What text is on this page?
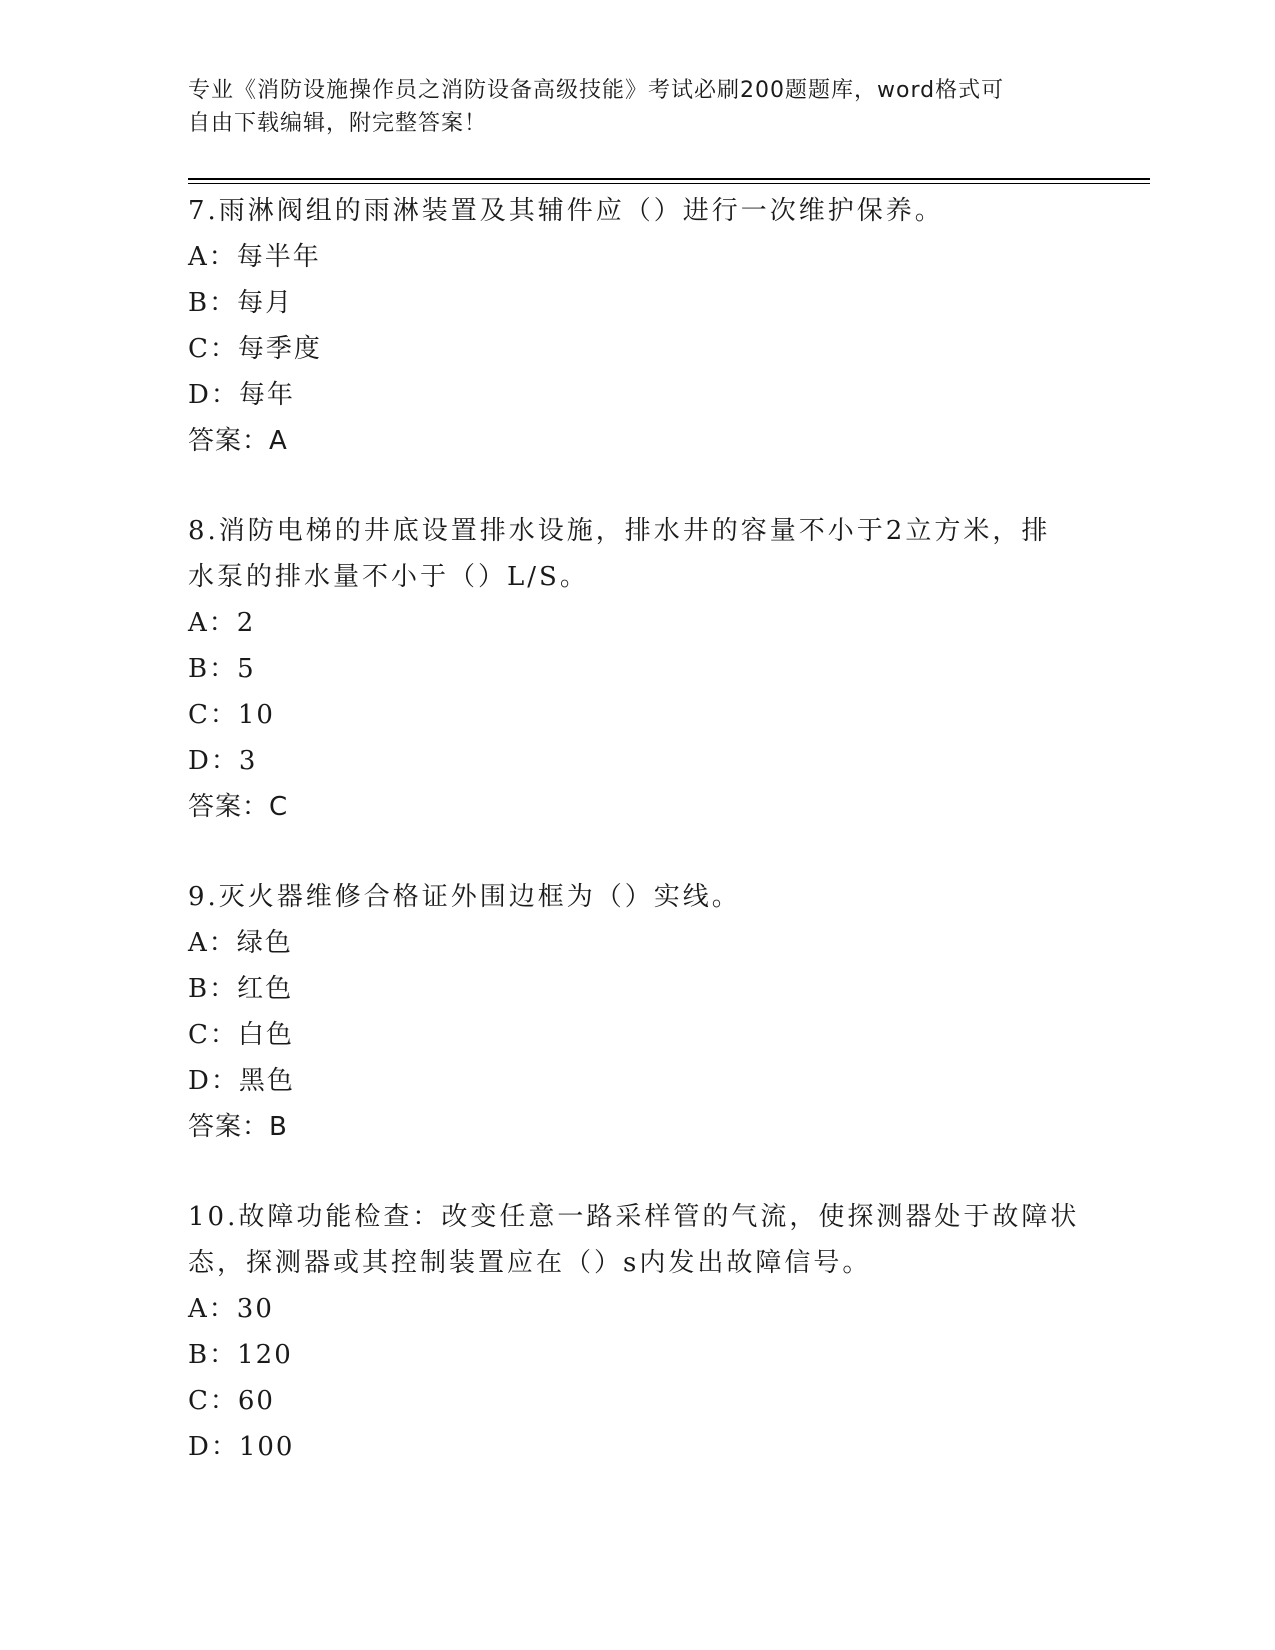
专业《消防设施操作员之消防设备高级技能》考试必刷200题题库，word格式可
自由下载编辑，附完整答案！

7.雨淋阀组的雨淋装置及其辅件应（）进行一次维护保养。

A：每半年

B：每月

C：每季度

D：每年

答案：A

8.消防电梯的井底设置排水设施，排水井的容量不小于2立方米，排

水泵的排水量不小于（）L/S。

A：2

B：5

C：10

D：3

答案：C

9.灭火器维修合格证外围边框为（）实线。

A：绿色

B：红色

C：白色

D：黑色

答案：B

10.故障功能检查：改变任意一路采样管的气流，使探测器处于故障状

态，探测器或其控制装置应在（）s内发出故障信号。

A：30

B：120

C：60

D：100
